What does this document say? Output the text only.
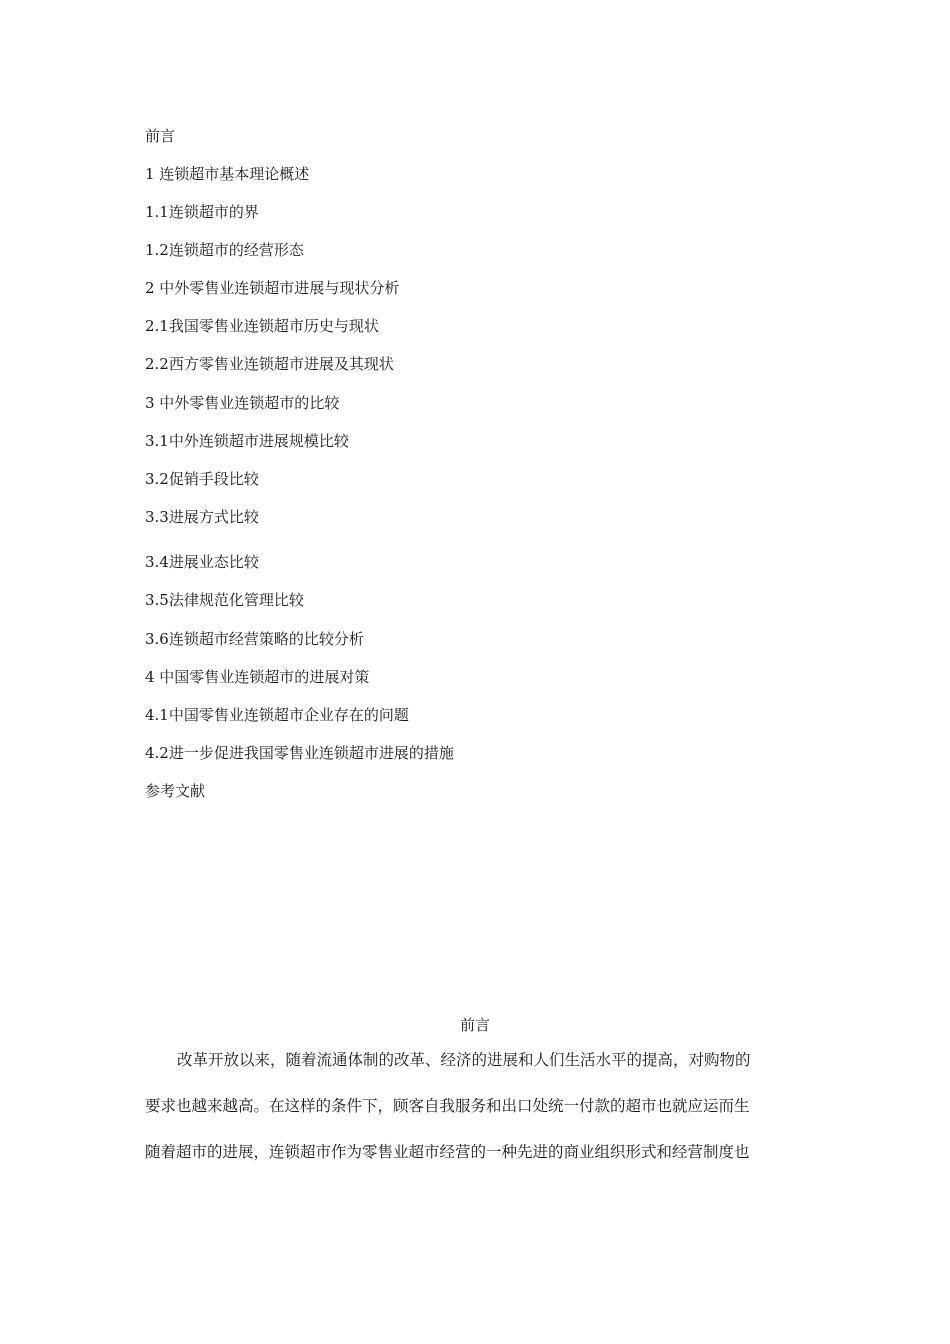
前言
1 连锁超市基本理论概述
1.1连锁超市的界
1.2连锁超市的经营形态
2 中外零售业连锁超市进展与现状分析
2.1我国零售业连锁超市历史与现状
2.2西方零售业连锁超市进展及其现状
3 中外零售业连锁超市的比较
3.1中外连锁超市进展规模比较
3.2促销手段比较
3.3进展方式比较
3.4进展业态比较
3.5法律规范化管理比较
3.6连锁超市经营策略的比较分析
4 中国零售业连锁超市的进展对策
4.1中国零售业连锁超市企业存在的问题
4.2进一步促进我国零售业连锁超市进展的措施
参考文献
前言
改革开放以来，随着流通体制的改革、经济的进展和人们生活水平的提高，对购物的
要求也越来越高。在这样的条件下，顾客自我服务和出口处统一付款的超市也就应运而生
随着超市的进展，连锁超市作为零售业超市经营的一种先进的商业组织形式和经营制度也
